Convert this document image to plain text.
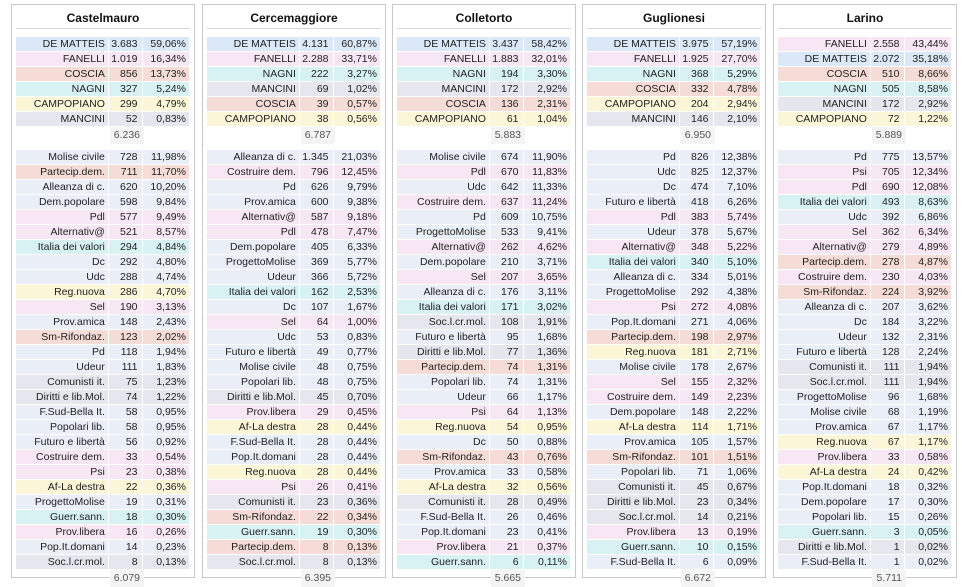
Castelmauro
DE MATTEIS 3.683	59,06%
FANELLI 1.019	16,34%
COSCIA	856	13,73%
NAGNI	327	5,24%
CAMPOPIANO	299	4,79%
MANCINI	52	0,83%
6.236
Molise civile	728	11,98%
Partecip.dem.	711	11,70%
Alleanza di c.	620	10,20%
Dem.popolare	598	9,84%
Pdl	577	9,49%
Alternativ@	521	8,57%
Italia dei valori	294	4,84%
Dc	292	4,80%
Udc	288	4,74%
Reg.nuova	286	4,70%
Sel	190	3,13%
Prov.amica	148	2,43%
Sm-Rifondaz.	123	2,02%
Pd	118	1,94%
Udeur	111	1,83%
Comunisti it.	75	1,23%
Diritti e lib.Mol.	74	1,22%
F.Sud-Bella It.	58	0,95%
Popolari lib.	58	0,95%
Futuro e libertà	56	0,92%
Costruire dem.	33	0,54%
Psi	23	0,38%
Af-La destra	22	0,36%
ProgettoMolise	19	0,31%
Guerr.sann.	18	0,30%
Prov.libera	16	0,26%
Pop.It.domani	14	0,23%
Soc.l.cr.mol.	8	0,13%
6.079
Cercemaggiore
DE MATTEIS 4.131	60,87%
FANELLI 2.288	33,71%
NAGNI	222	3,27%
MANCINI	69	1,02%
COSCIA	39	0,57%
CAMPOPIANO	38	0,56%
6.787
Alleanza di c. 1.345	21,03%
Costruire dem.	796	12,45%
Pd	626	9,79%
Prov.amica	600	9,38%
Alternativ@	587	9,18%
Pdl	478	7,47%
Dem.popolare	405	6,33%
ProgettoMolise	369	5,77%
Udeur	366	5,72%
Italia dei valori	162	2,53%
Dc	107	1,67%
Sel	64	1,00%
Udc	53	0,83%
Futuro e libertà	49	0,77%
Molise civile	48	0,75%
Popolari lib.	48	0,75%
Diritti e lib.Mol.	45	0,70%
Prov.libera	29	0,45%
Af-La destra	28	0,44%
F.Sud-Bella It.	28	0,44%
Pop.It.domani	28	0,44%
Reg.nuova	28	0,44%
Psi	26	0,41%
Comunisti it.	23	0,36%
Sm-Rifondaz.	22	0,34%
Guerr.sann.	19	0,30%
Partecip.dem.	8	0,13%
Soc.l.cr.mol.	8	0,13%
6.395
Colletorto
DE MATTEIS 3.437	58,42%
FANELLI 1.883	32,01%
NAGNI	194	3,30%
MANCINI	172	2,92%
COSCIA	136	2,31%
CAMPOPIANO	61	1,04%
5.883
Molise civile	674	11,90%
Pdl	670	11,83%
Udc	642	11,33%
Costruire dem.	637	11,24%
Pd	609	10,75%
ProgettoMolise	533	9,41%
Alternativ@	262	4,62%
Dem.popolare	210	3,71%
Sel	207	3,65%
Alleanza di c.	176	3,11%
Italia dei valori	171	3,02%
Soc.l.cr.mol.	108	1,91%
Futuro e libertà	95	1,68%
Diritti e lib.Mol.	77	1,36%
Partecip.dem.	74	1,31%
Popolari lib.	74	1,31%
Udeur	66	1,17%
Psi	64	1,13%
Reg.nuova	54	0,95%
Dc	50	0,88%
Sm-Rifondaz.	43	0,76%
Prov.amica	33	0,58%
Af-La destra	32	0,56%
Comunisti it.	28	0,49%
F.Sud-Bella It.	26	0,46%
Pop.It.domani	23	0,41%
Prov.libera	21	0,37%
Guerr.sann.	6	0,11%
5.665
Guglionesi
DE MATTEIS 3.975	57,19%
FANELLI 1.925	27,70%
NAGNI	368	5,29%
COSCIA	332	4,78%
CAMPOPIANO	204	2,94%
MANCINI	146	2,10%
6.950
Pd	826	12,38%
Udc	825	12,37%
Dc	474	7,10%
Futuro e libertà	418	6,26%
Pdl	383	5,74%
Udeur	378	5,67%
Alternativ@	348	5,22%
Italia dei valori	340	5,10%
Alleanza di c.	334	5,01%
ProgettoMolise	292	4,38%
Psi	272	4,08%
Pop.It.domani	271	4,06%
Partecip.dem.	198	2,97%
Reg.nuova	181	2,71%
Molise civile	178	2,67%
Sel	155	2,32%
Costruire dem.	149	2,23%
Dem.popolare	148	2,22%
Af-La destra	114	1,71%
Prov.amica	105	1,57%
Sm-Rifondaz.	101	1,51%
Popolari lib.	71	1,06%
Comunisti it.	45	0,67%
Diritti e lib.Mol.	23	0,34%
Soc.l.cr.mol.	14	0,21%
Prov.libera	13	0,19%
Guerr.sann.	10	0,15%
F.Sud-Bella It.	6	0,09%
6.672
Larino
FANELLI 2.558	43,44%
DE MATTEIS 2.072	35,18%
COSCIA	510	8,66%
NAGNI	505	8,58%
MANCINI	172	2,92%
CAMPOPIANO	72	1,22%
5.889
Pd	775	13,57%
Psi	705	12,34%
Pdl	690	12,08%
Italia dei valori	493	8,63%
Udc	392	6,86%
Sel	362	6,34%
Alternativ@	279	4,89%
Partecip.dem.	278	4,87%
Costruire dem.	230	4,03%
Sm-Rifondaz.	224	3,92%
Alleanza di c.	207	3,62%
Dc	184	3,22%
Udeur	132	2,31%
Futuro e libertà	128	2,24%
Comunisti it.	111	1,94%
Soc.l.cr.mol.	111	1,94%
ProgettoMolise	96	1,68%
Molise civile	68	1,19%
Prov.amica	67	1,17%
Reg.nuova	67	1,17%
Prov.libera	33	0,58%
Af-La destra	24	0,42%
Pop.It.domani	18	0,32%
Dem.popolare	17	0,30%
Popolari lib.	15	0,26%
Guerr.sann.	3	0,05%
Diritti e lib.Mol.	1	0,02%
F.Sud-Bella It.	1	0,02%
5.711
